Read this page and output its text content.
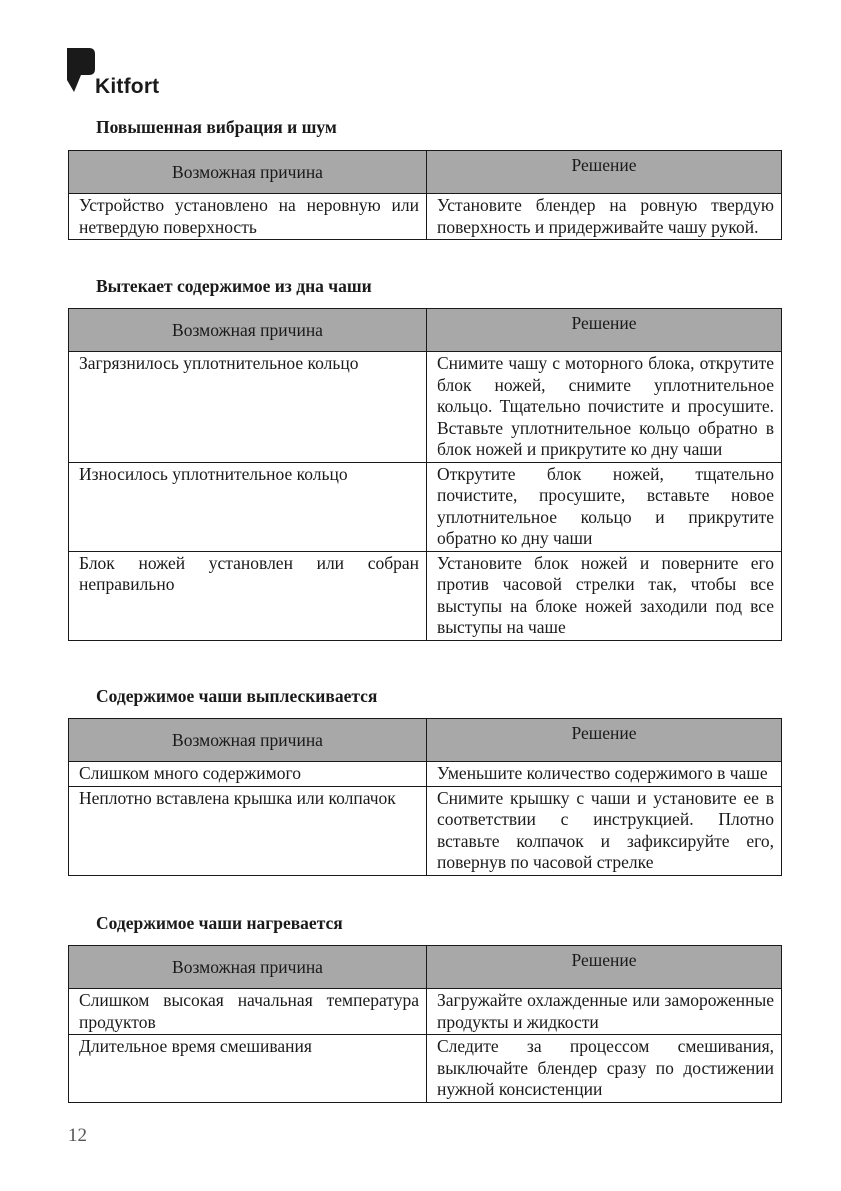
Kitfort
Повышенная вибрация и шум
Возможная причина	Решение
Устройство установлено на неровную или нетвердую поверхность	Установите блендер на ровную твердую поверхность и придерживайте чашу рукой.
Вытекает содержимое из дна чаши
Возможная причина	Решение
Загрязнилось уплотнительное кольцо	Снимите чашу с моторного блока, открутите блок ножей, снимите уплотнительное кольцо. Тщательно почистите и просушите. Вставьте уплотнительное кольцо обратно в блок ножей и прикрутите ко дну чаши
Износилось уплотнительное кольцо	Открутите блок ножей, тщательно почистите, просушите, вставьте новое уплотнительное кольцо и прикрутите обратно ко дну чаши
Блок ножей установлен или собран неправильно	Установите блок ножей и поверните его против часовой стрелки так, чтобы все выступы на блоке ножей заходили под все выступы на чаше
Содержимое чаши выплескивается
Возможная причина	Решение
Слишком много содержимого	Уменьшите количество содержимого в чаше
Неплотно вставлена крышка или колпачок	Снимите крышку с чаши и установите ее в соответствии с инструкцией. Плотно вставьте колпачок и зафиксируйте его, повернув по часовой стрелке
Содержимое чаши нагревается
Возможная причина	Решение
Слишком высокая начальная температура продуктов	Загружайте охлажденные или замороженные продукты и жидкости
Длительное время смешивания	Следите за процессом смешивания, выключайте блендер сразу по достижении нужной консистенции
12
